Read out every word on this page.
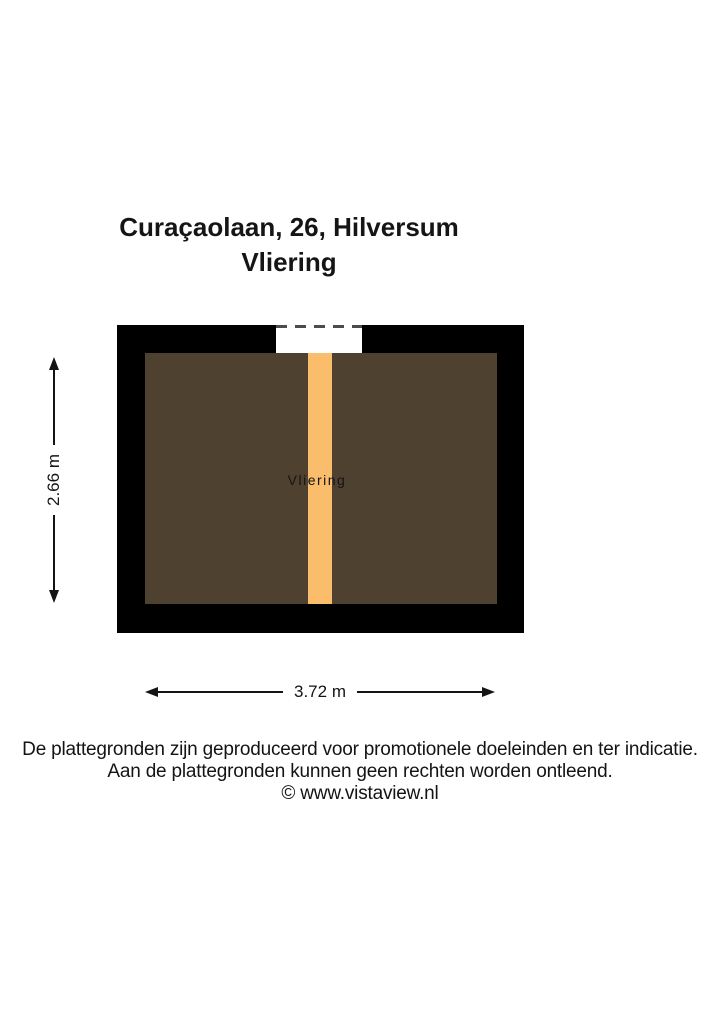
Curaçaolaan, 26, Hilversum
Vliering
Vliering
2.66 m
3.72 m
De plattegronden zijn geproduceerd voor promotionele doeleinden en ter indicatie.
Aan de plattegronden kunnen geen rechten worden ontleend.
© www.vistaview.nl
